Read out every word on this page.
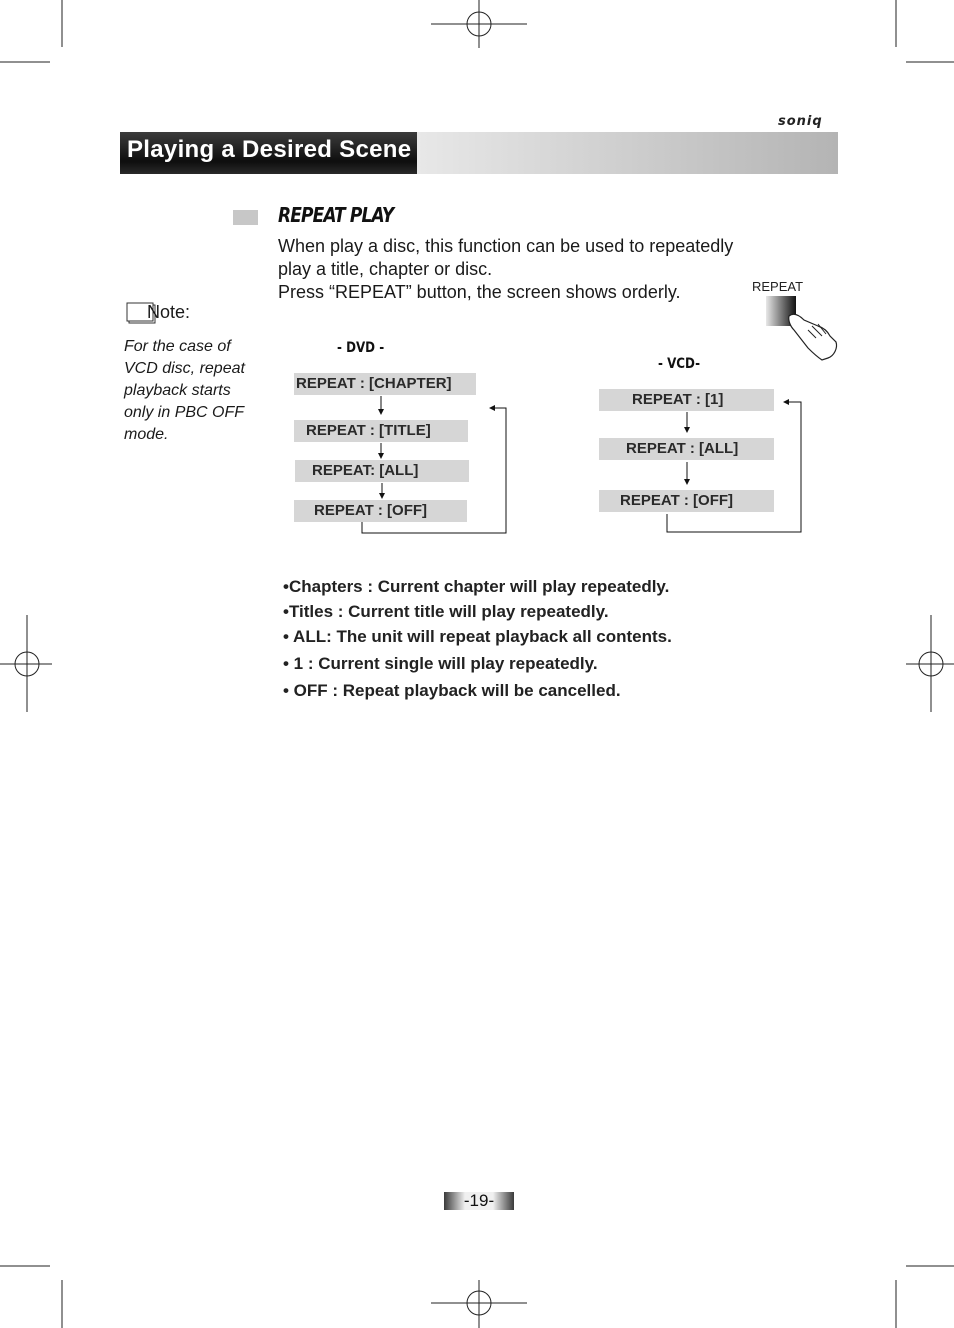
soniq
Playing a Desired Scene
REPEAT PLAY
When play a disc, this function can be used to repeatedly
play a title, chapter or disc.
Press “REPEAT” button, the screen shows orderly.	REPEAT
Note:
For the case of
VCD disc, repeat
playback starts
only in PBC OFF
mode.
- DVD -
REPEAT : [CHAPTER]
REPEAT : [TITLE]
REPEAT: [ALL]
REPEAT : [OFF]
- VCD-
REPEAT : [1]
REPEAT : [ALL]
REPEAT : [OFF]
•Chapters : Current chapter will play repeatedly.
•Titles : Current title will play repeatedly.
• ALL: The unit will repeat playback all contents.
• 1 : Current single will play repeatedly.
• OFF : Repeat playback will be cancelled.
-19-
